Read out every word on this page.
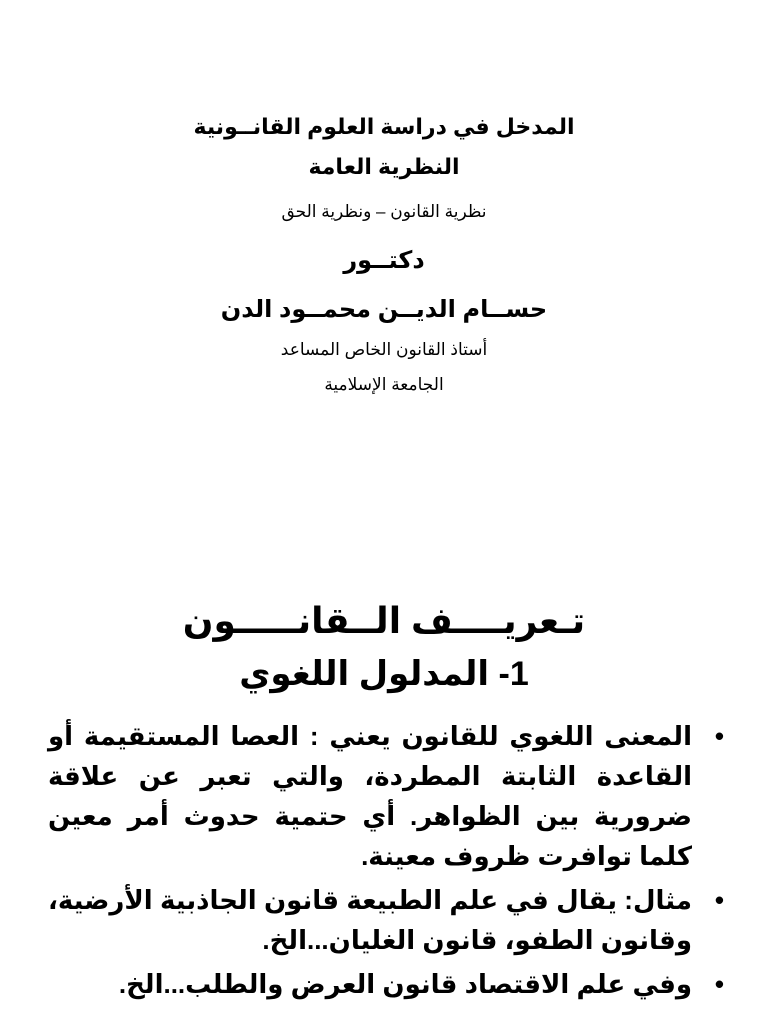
المدخل في دراسة العلوم القانــونية
النظرية العامة
نظرية القانون – ونظرية الحق
دكتــور
حســام الديــن محمــود الدن
أستاذ القانون الخاص المساعد
الجامعة الإسلامية
تـعريــــف الــقانـــــون
1- المدلول اللغوي
•
المعنى اللغوي للقانون يعني : العصا المستقيمة أو القاعدة الثابتة المطردة، والتي تعبر عن علاقة ضرورية بين الظواهر. أي حتمية حدوث أمر معين كلما توافرت ظروف معينة.
•
مثال: يقال في علم الطبيعة قانون الجاذبية الأرضية، وقانون الطفو، قانون الغليان...الخ.
•
وفي علم الاقتصاد قانون العرض والطلب...الخ.
